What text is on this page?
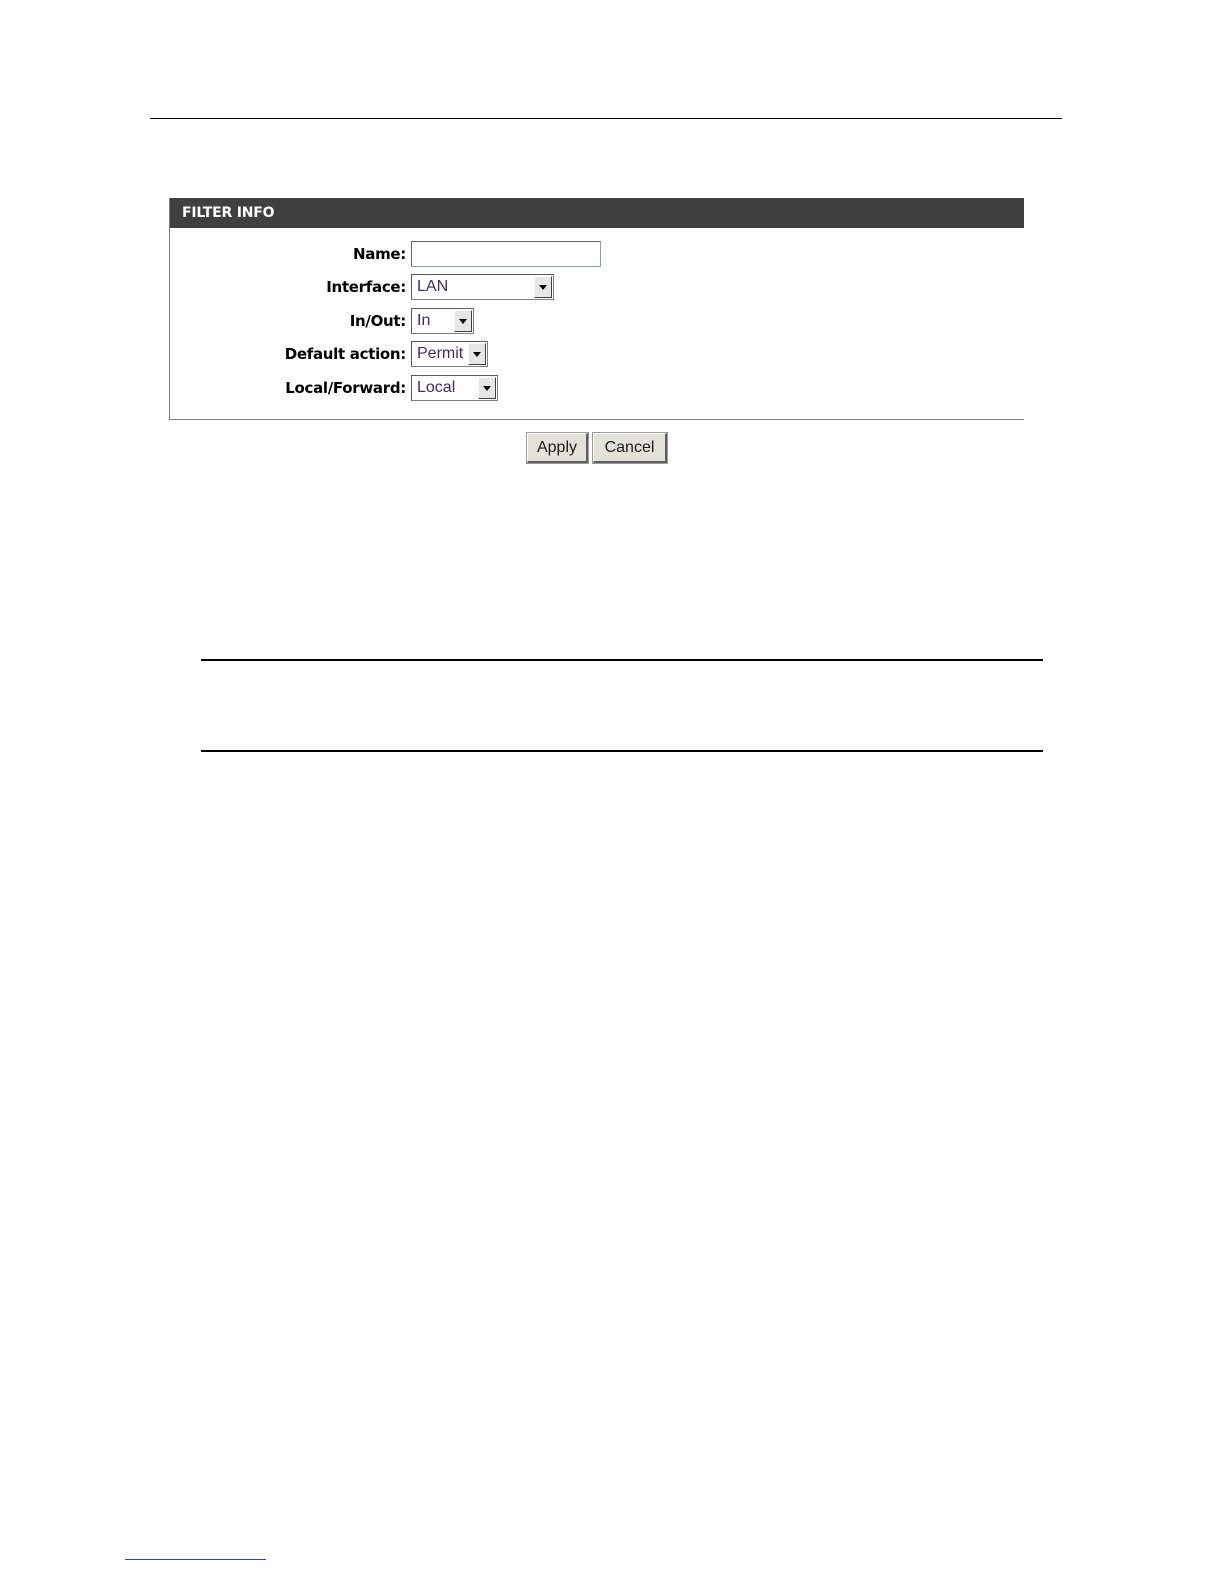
FILTER INFO
Name:
Interface: LAN
In/Out: In
Default action: Permit
Local/Forward: Local
Apply	Cancel
